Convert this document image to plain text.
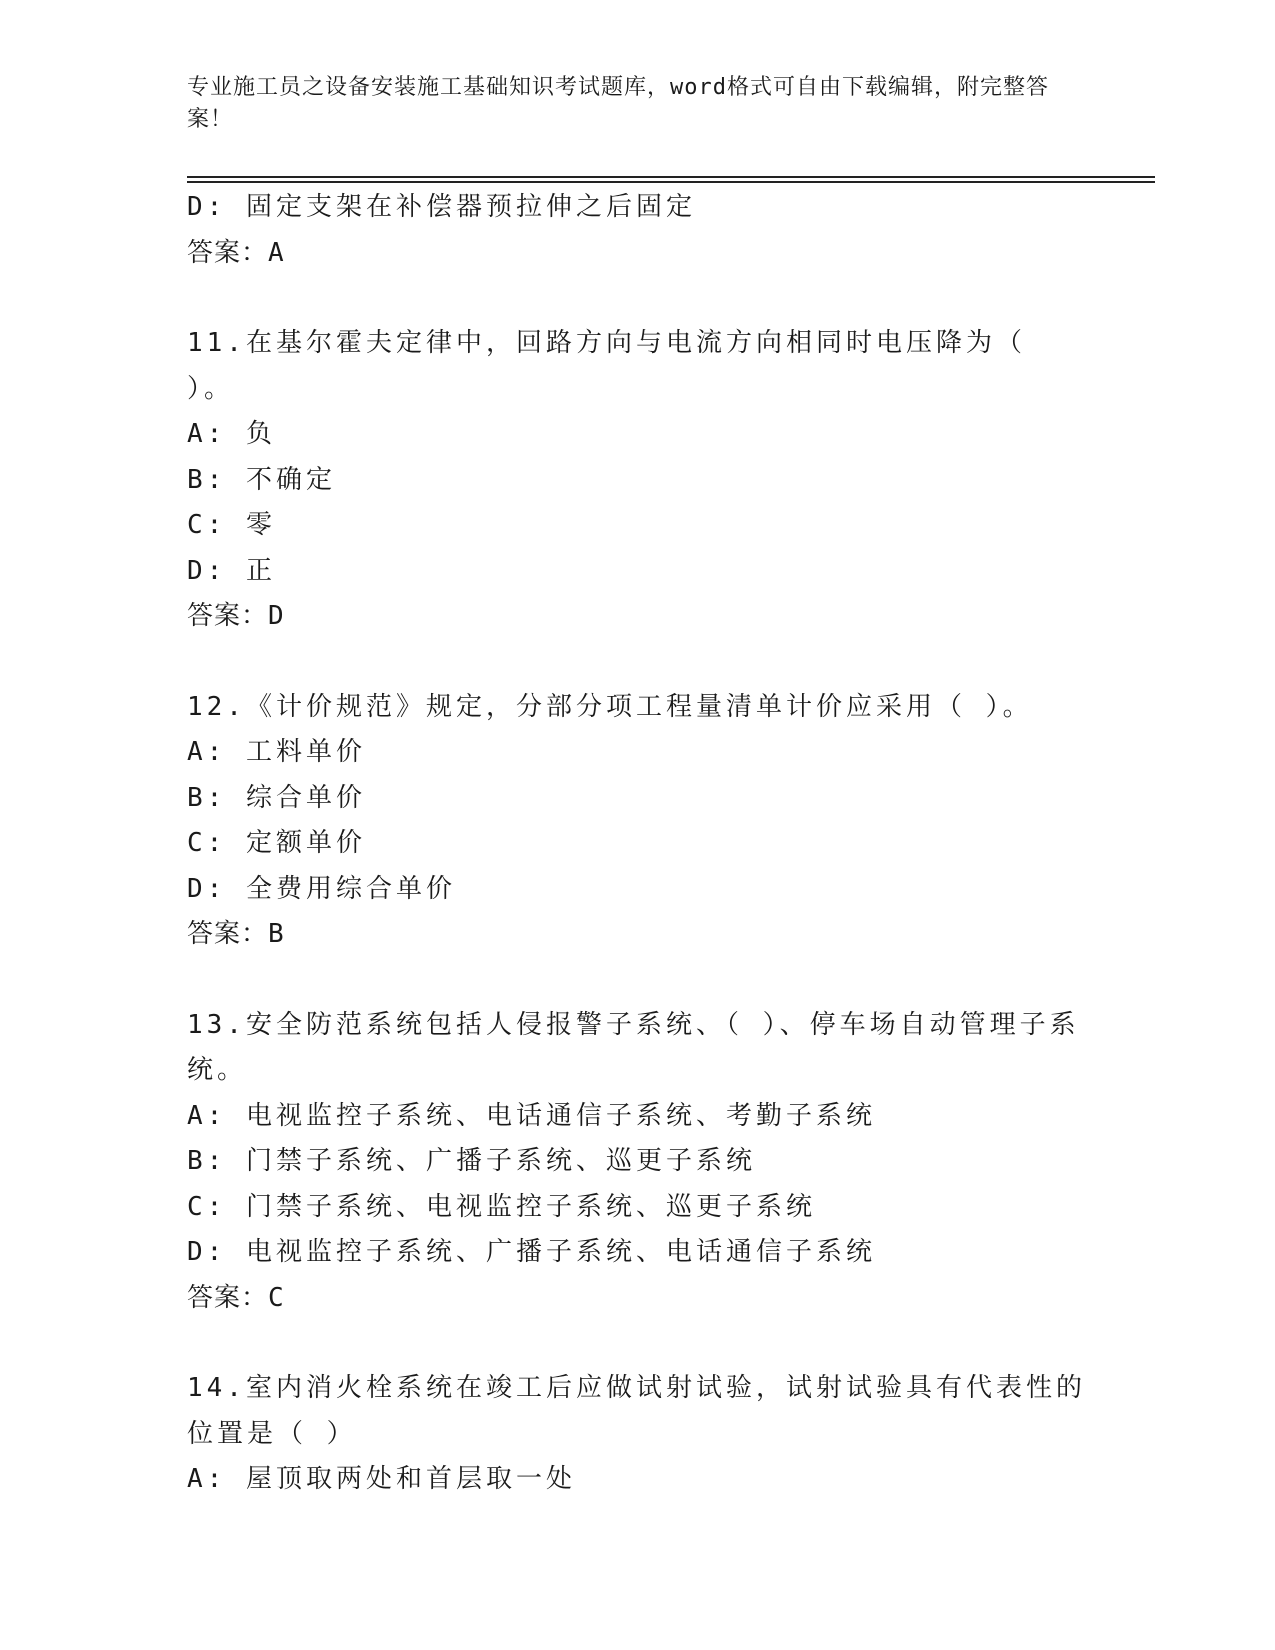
专业施工员之设备安装施工基础知识考试题库，word格式可自由下载编辑，附完整答案！
D: 固定支架在补偿器预拉伸之后固定
答案：A
11.在基尔霍夫定律中，回路方向与电流方向相同时电压降为（ ）。
A: 负
B: 不确定
C: 零
D: 正
答案：D
12.《计价规范》规定，分部分项工程量清单计价应采用（ ）。
A: 工料单价
B: 综合单价
C: 定额单价
D: 全费用综合单价
答案：B
13.安全防范系统包括人侵报警子系统、（ ）、停车场自动管理子系统。
A: 电视监控子系统、电话通信子系统、考勤子系统
B: 门禁子系统、广播子系统、巡更子系统
C: 门禁子系统、电视监控子系统、巡更子系统
D: 电视监控子系统、广播子系统、电话通信子系统
答案：C
14.室内消火栓系统在竣工后应做试射试验，试射试验具有代表性的位置是（ ）
A: 屋顶取两处和首层取一处
